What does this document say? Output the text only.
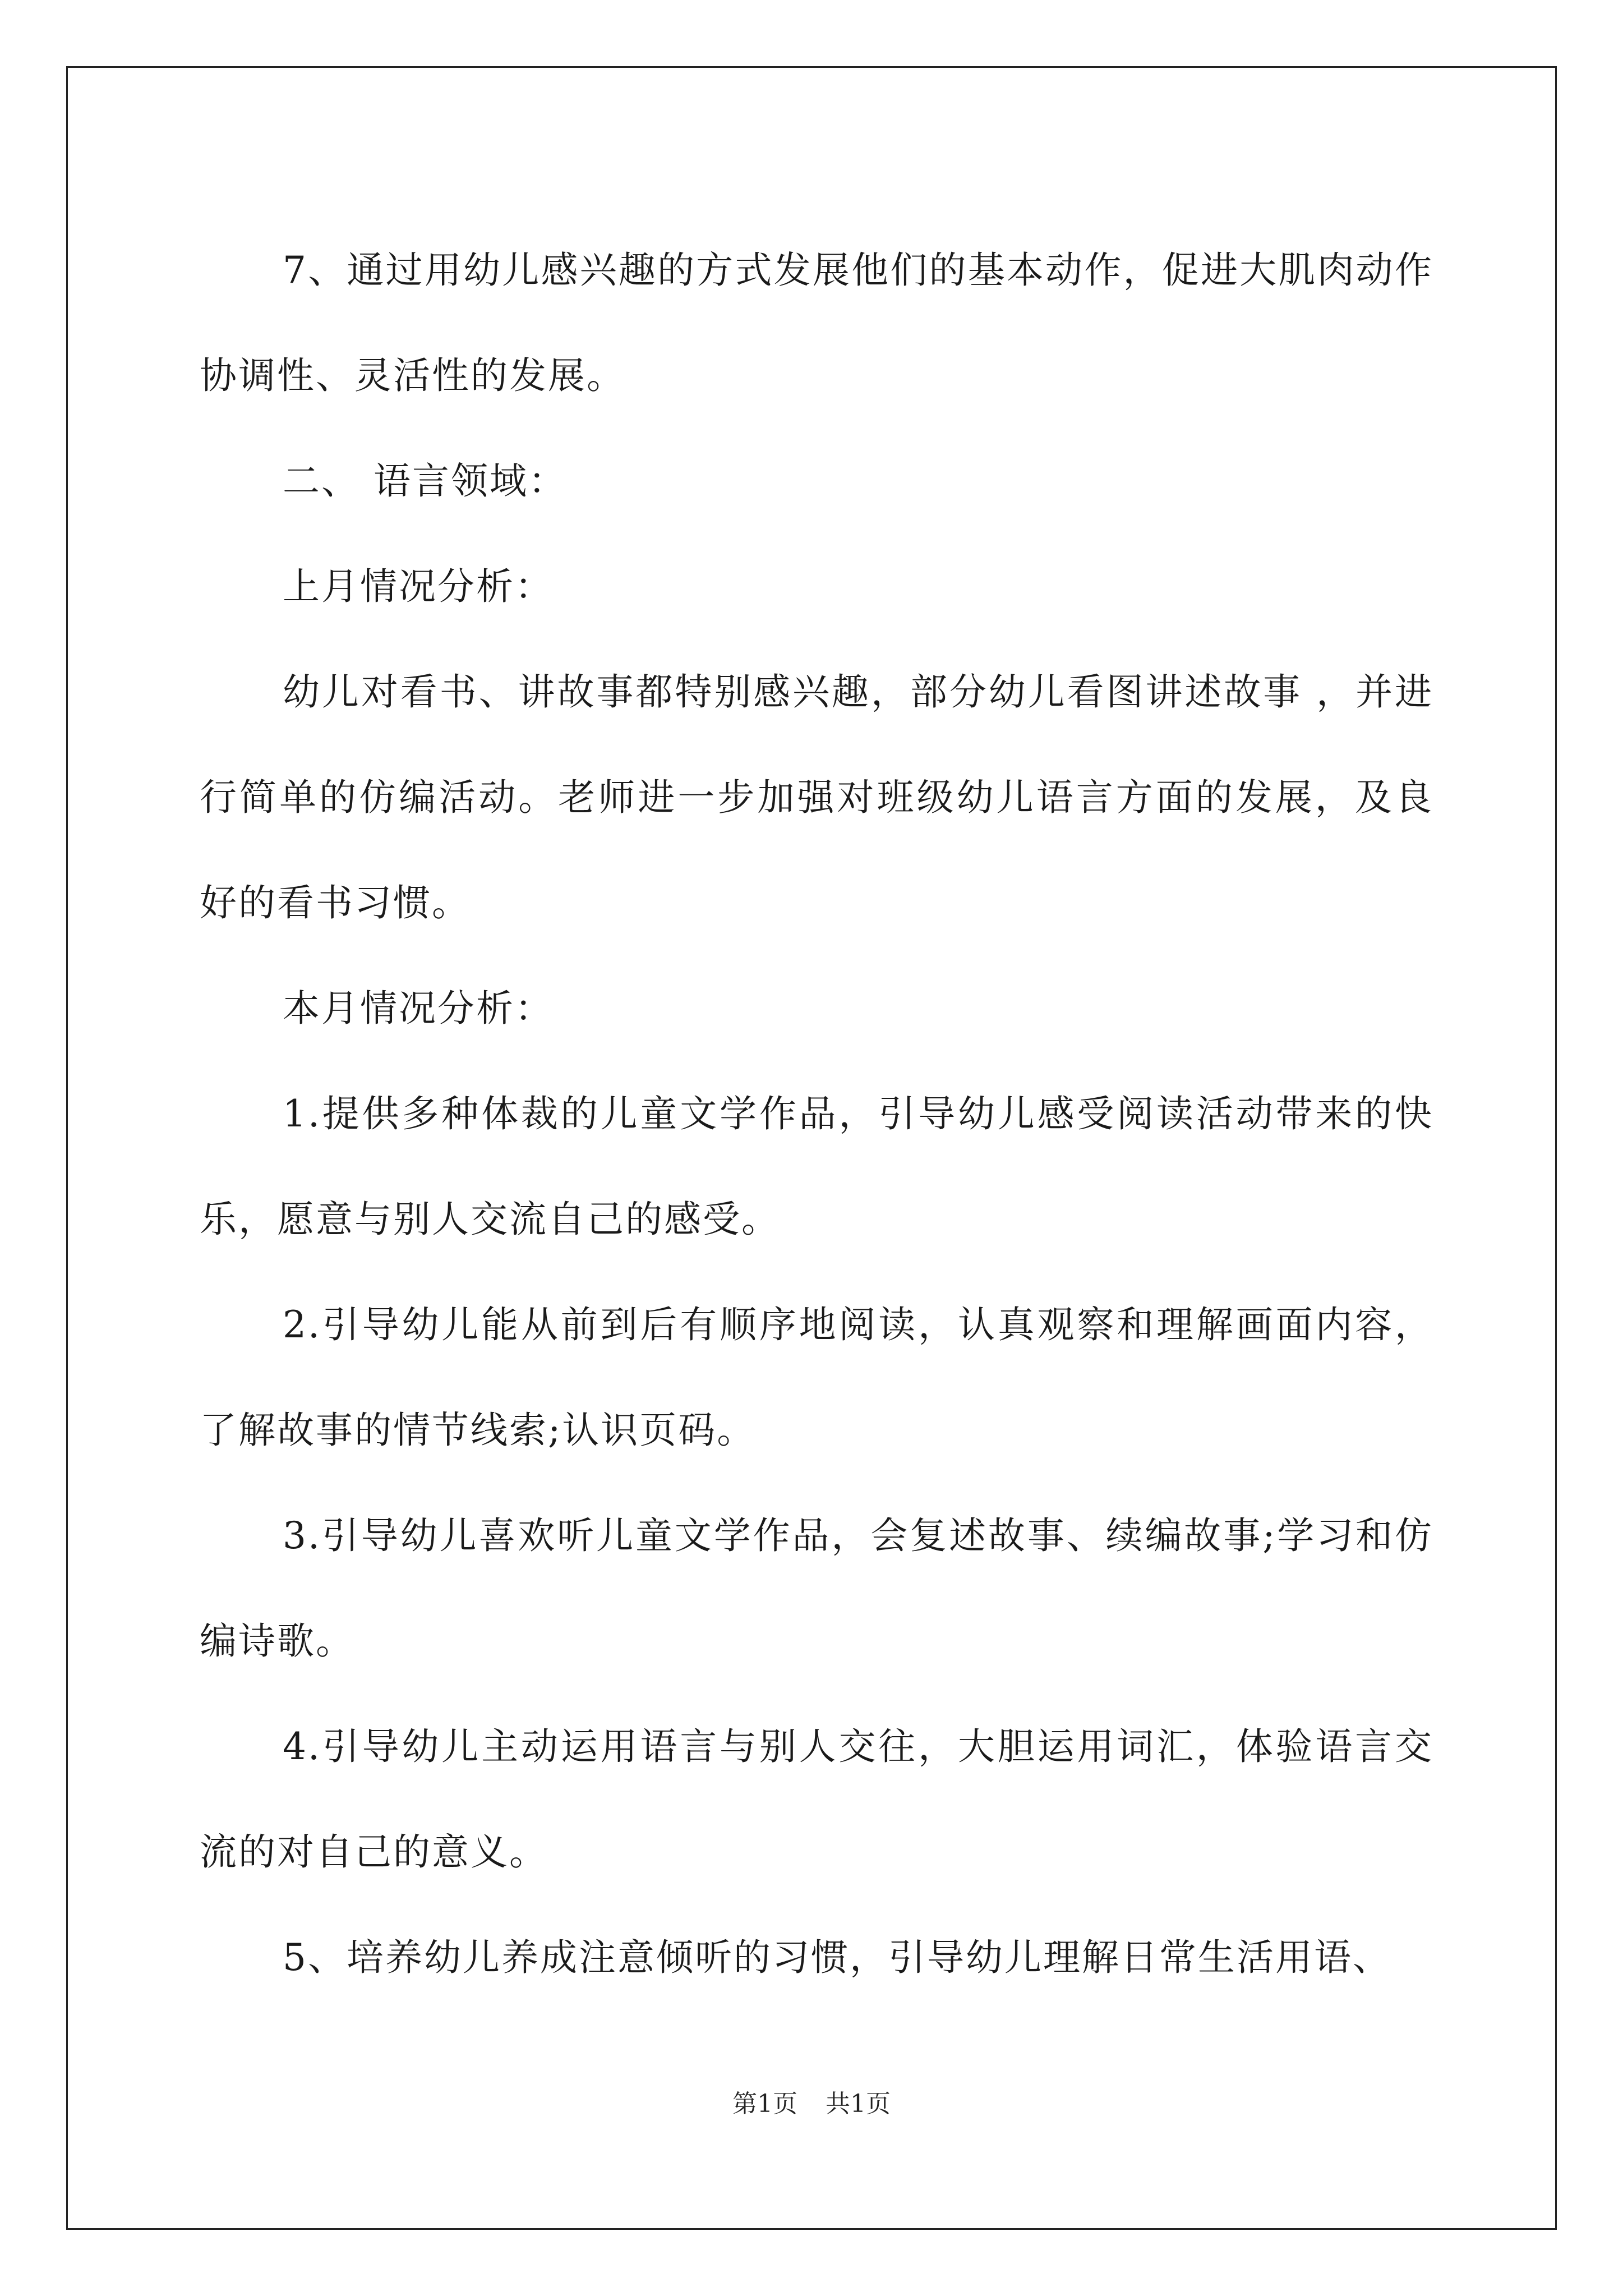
7、通过用幼儿感兴趣的方式发展他们的基本动作，促进大肌肉动作协调性、灵活性的发展。

二、 语言领域：

上月情况分析：

幼儿对看书、讲故事都特别感兴趣，部分幼儿看图讲述故事 ，并进行简单的仿编活动。老师进一步加强对班级幼儿语言方面的发展，及良好的看书习惯。

本月情况分析：

1.提供多种体裁的儿童文学作品，引导幼儿感受阅读活动带来的快乐，愿意与别人交流自己的感受。

2.引导幼儿能从前到后有顺序地阅读，认真观察和理解画面内容，了解故事的情节线索;认识页码。

3.引导幼儿喜欢听儿童文学作品，会复述故事、续编故事;学习和仿编诗歌。

4.引导幼儿主动运用语言与别人交往，大胆运用词汇，体验语言交流的对自己的意义。

5、培养幼儿养成注意倾听的习惯，引导幼儿理解日常生活用语、

第1页 共1页
